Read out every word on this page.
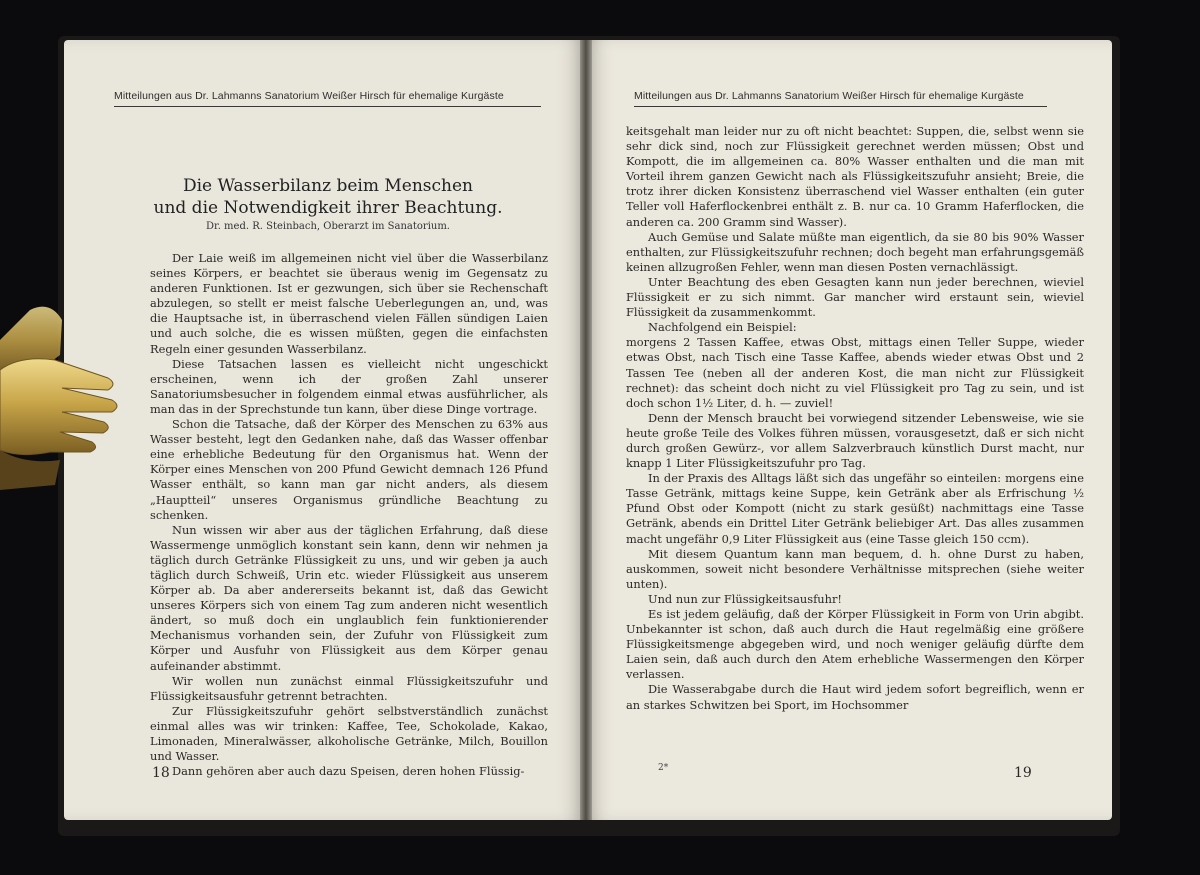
Mitteilungen aus Dr. Lahmanns Sanatorium Weißer Hirsch für ehemalige Kurgäste
Die Wasserbilanz beim Menschen
und die Notwendigkeit ihrer Beachtung.
Dr. med. R. Steinbach, Oberarzt im Sanatorium.

Der Laie weiß im allgemeinen nicht viel über die Wasserbilanz seines Körpers, er beachtet sie überaus wenig im Gegensatz zu anderen Funktionen. Ist er gezwungen, sich über sie Rechenschaft abzulegen, so stellt er meist falsche Ueberlegungen an, und, was die Hauptsache ist, in überraschend vielen Fällen sündigen Laien und auch solche, die es wissen müßten, gegen die einfachsten Regeln einer gesunden Wasserbilanz.

Diese Tatsachen lassen es vielleicht nicht ungeschickt erscheinen, wenn ich der großen Zahl unserer Sanatoriumsbesucher in folgendem einmal etwas ausführlicher, als man das in der Sprechstunde tun kann, über diese Dinge vortrage.

Schon die Tatsache, daß der Körper des Menschen zu 63% aus Wasser besteht, legt den Gedanken nahe, daß das Wasser offenbar eine erhebliche Bedeutung für den Organismus hat. Wenn der Körper eines Menschen von 200 Pfund Gewicht demnach 126 Pfund Wasser enthält, so kann man gar nicht anders, als diesem „Hauptteil“ unseres Organismus gründliche Beachtung zu schenken.

Nun wissen wir aber aus der täglichen Erfahrung, daß diese Wassermenge unmöglich konstant sein kann, denn wir nehmen ja täglich durch Getränke Flüssigkeit zu uns, und wir geben ja auch täglich durch Schweiß, Urin etc. wieder Flüssigkeit aus unserem Körper ab. Da aber andererseits bekannt ist, daß das Gewicht unseres Körpers sich von einem Tag zum anderen nicht wesentlich ändert, so muß doch ein unglaublich fein funktionierender Mechanismus vorhanden sein, der Zufuhr von Flüssigkeit zum Körper und Ausfuhr von Flüssigkeit aus dem Körper genau aufeinander abstimmt.

Wir wollen nun zunächst einmal Flüssigkeitszufuhr und Flüssigkeitsausfuhr getrennt betrachten.

Zur Flüssigkeitszufuhr gehört selbstverständlich zunächst einmal alles was wir trinken: Kaffee, Tee, Schokolade, Kakao, Limonaden, Mineralwässer, alkoholische Getränke, Milch, Bouillon und Wasser.

Dann gehören aber auch dazu Speisen, deren hohen Flüssig-

18
Mitteilungen aus Dr. Lahmanns Sanatorium Weißer Hirsch für ehemalige Kurgäste

keitsgehalt man leider nur zu oft nicht beachtet: Suppen, die, selbst wenn sie sehr dick sind, noch zur Flüssigkeit gerechnet werden müssen; Obst und Kompott, die im allgemeinen ca. 80% Wasser enthalten und die man mit Vorteil ihrem ganzen Gewicht nach als Flüssigkeitszufuhr ansieht; Breie, die trotz ihrer dicken Konsistenz überraschend viel Wasser enthalten (ein guter Teller voll Haferflockenbrei enthält z. B. nur ca. 10 Gramm Haferflocken, die anderen ca. 200 Gramm sind Wasser).

Auch Gemüse und Salate müßte man eigentlich, da sie 80 bis 90% Wasser enthalten, zur Flüssigkeitszufuhr rechnen; doch begeht man erfahrungsgemäß keinen allzugroßen Fehler, wenn man diesen Posten vernachlässigt.

Unter Beachtung des eben Gesagten kann nun jeder berechnen, wieviel Flüssigkeit er zu sich nimmt. Gar mancher wird erstaunt sein, wieviel Flüssigkeit da zusammenkommt.

Nachfolgend ein Beispiel:

morgens 2 Tassen Kaffee, etwas Obst, mittags einen Teller Suppe, wieder etwas Obst, nach Tisch eine Tasse Kaffee, abends wieder etwas Obst und 2 Tassen Tee (neben all der anderen Kost, die man nicht zur Flüssigkeit rechnet): das scheint doch nicht zu viel Flüssigkeit pro Tag zu sein, und ist doch schon 1½ Liter, d. h. — zuviel!

Denn der Mensch braucht bei vorwiegend sitzender Lebensweise, wie sie heute große Teile des Volkes führen müssen, vorausgesetzt, daß er sich nicht durch großen Gewürz-, vor allem Salzverbrauch künstlich Durst macht, nur knapp 1 Liter Flüssigkeitszufuhr pro Tag.

In der Praxis des Alltags läßt sich das ungefähr so einteilen: morgens eine Tasse Getränk, mittags keine Suppe, kein Getränk aber als Erfrischung ½ Pfund Obst oder Kompott (nicht zu stark gesüßt) nachmittags eine Tasse Getränk, abends ein Drittel Liter Getränk beliebiger Art. Das alles zusammen macht ungefähr 0,9 Liter Flüssigkeit aus (eine Tasse gleich 150 ccm).

Mit diesem Quantum kann man bequem, d. h. ohne Durst zu haben, auskommen, soweit nicht besondere Verhältnisse mitsprechen (siehe weiter unten).

Und nun zur Flüssigkeitsausfuhr!

Es ist jedem geläufig, daß der Körper Flüssigkeit in Form von Urin abgibt. Unbekannter ist schon, daß auch durch die Haut regelmäßig eine größere Flüssigkeitsmenge abgegeben wird, und noch weniger geläufig dürfte dem Laien sein, daß auch durch den Atem erhebliche Wassermengen den Körper verlassen.

Die Wasserabgabe durch die Haut wird jedem sofort begreiflich, wenn er an starkes Schwitzen bei Sport, im Hochsommer

2*	19
